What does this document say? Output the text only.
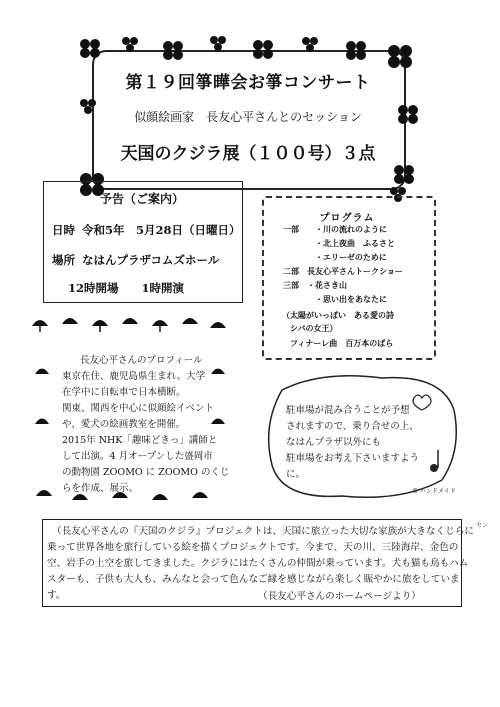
第１９回箏曄会お箏コンサート
似顔絵画家　長友心平さんとのセッション
天国のクジラ展（１００号）３点
予告（ご案内）
日時 令和5年　5月28日（日曜日）
場所 なはんプラザコムズホール
12時開場　　1時開演
プログラム
一部　　・川の流れのように
　　　　・北上夜曲　ふるさと
　　　　・エリーゼのために
二部　長友心平さんトークショー
三部　・花さき山
　　　　・思い出をあなたに
（太陽がいっぱい　ある愛の詩
　シバの女王）
フィナーレ曲　百万本のばら
長友心平さんのプロフィール
東京在住、鹿児島県生まれ。大学
在学中に自転車で日本横断。
関東、関西を中心に似顔絵イベント
や、愛犬の絵画教室を開催。
2015年 NHK「趣味どきっ」講師と
して出演。4 月オープンした盛岡市
の動物園 ZOOMO に ZOOMO のくじ
らを作成、展示。
駐車場が混み合うことが予想
されますので、乗り合せの上、
なはんプラザ以外にも
駐車場をお考え下さいますよう
に。
© ハンドメイド
セン
（長友心平さんの『天国のクジラ』プロジェクトは、天国に旅立った大切な家族が大きなくじらに
乗って世界各地を旅行している絵を描くプロジェクトです。今まで、天の川、三陸海岸、金色の
空、岩手の上空を旅してきました。クジラにはたくさんの仲間が乗っています。犬も猫も鳥もハム
スターも、子供も大人も、みんなと会って色んなご縁を感じながら楽しく賑やかに旅をしていま
す。	（長友心平さんのホームページより）
